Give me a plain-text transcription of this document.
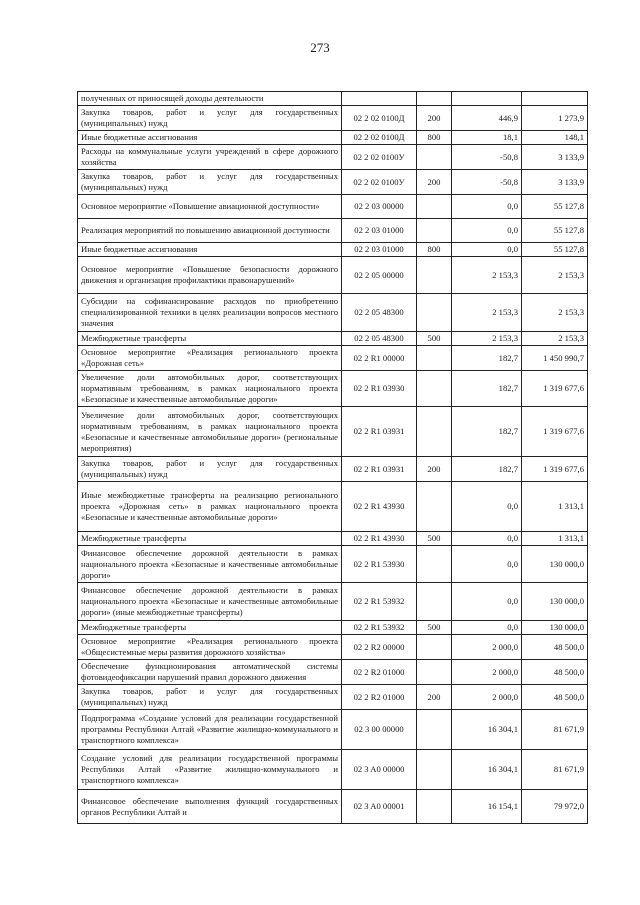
273
полученных от приносящей доходы деятельности				
Закупка товаров, работ и услуг для государственных (муниципальных) нужд	02 2 02 0100Д	200	446,9	1 273,9
Иные бюджетные ассигнования	02 2 02 0100Д	800	18,1	148,1
Расходы на коммунальные услуги учреждений в сфере дорожного хозяйства	02 2 02 0100У		-50,8	3 133,9
Закупка товаров, работ и услуг для государственных (муниципальных) нужд	02 2 02 0100У	200	-50,8	3 133,9
Основное мероприятие «Повышение авиационной доступности»	02 2 03 00000		0,0	55 127,8
Реализация мероприятий по повышению авиационной доступности	02 2 03 01000		0,0	55 127,8
Иные бюджетные ассигнования	02 2 03 01000	800	0,0	55 127,8
Основное мероприятие «Повышение безопасности дорожного движения и организация профилактики правонарушений»	02 2 05 00000		2 153,3	2 153,3
Субсидии на софинансирование расходов по приобретению специализированной техники в целях реализации вопросов местного значения	02 2 05 48300		2 153,3	2 153,3
Межбюджетные трансферты	02 2 05 48300	500	2 153,3	2 153,3
Основное мероприятие «Реализация регионального проекта «Дорожная сеть»	02 2 R1 00000		182,7	1 450 990,7
Увеличение доли автомобильных дорог, соответствующих нормативным требованиям, в рамках национального проекта «Безопасные и качественные автомобильные дороги»	02 2 R1 03930		182,7	1 319 677,6
Увеличение доли автомобильных дорог, соответствующих нормативным требованиям, в рамках национального проекта «Безопасные и качественные автомобильные дороги» (региональные мероприятия)	02 2 R1 03931		182,7	1 319 677,6
Закупка товаров, работ и услуг для государственных (муниципальных) нужд	02 2 R1 03931	200	182,7	1 319 677,6
Иные межбюджетные трансферты на реализацию регионального проекта «Дорожная сеть» в рамках национального проекта «Безопасные и качественные автомобильные дороги»	02 2 R1 43930		0,0	1 313,1
Межбюджетные трансферты	02 2 R1 43930	500	0,0	1 313,1
Финансовое обеспечение дорожной деятельности в рамках национального проекта «Безопасные и качественные автомобильные дороги»	02 2 R1 53930		0,0	130 000,0
Финансовое обеспечение дорожной деятельности в рамках национального проекта «Безопасные и качественные автомобильные дороги» (иные межбюджетные трансферты)	02 2 R1 53932		0,0	130 000,0
Межбюджетные трансферты	02 2 R1 53932	500	0,0	130 000,0
Основное мероприятие «Реализация регионального проекта «Общесистемные меры развития дорожного хозяйства»	02 2 R2 00000		2 000,0	48 500,0
Обеспечение функционирования автоматической системы фотовидеофиксации нарушений правил дорожного движения	02 2 R2 01000		2 000,0	48 500,0
Закупка товаров, работ и услуг для государственных (муниципальных) нужд	02 2 R2 01000	200	2 000,0	48 500,0
Подпрограмма «Создание условий для реализации государственной программы Республики Алтай «Развитие жилищно-коммунального и транспортного комплекса»	02 3 00 00000		16 304,1	81 671,9
Создание условий для реализации государственной программы Республики Алтай «Развитие жилищно-коммунального и транспортного комплекса»	02 3 A0 00000		16 304,1	81 671,9
Финансовое обеспечение выполнения функций государственных органов Республики Алтай и	02 3 A0 00001		16 154,1	79 972,0
